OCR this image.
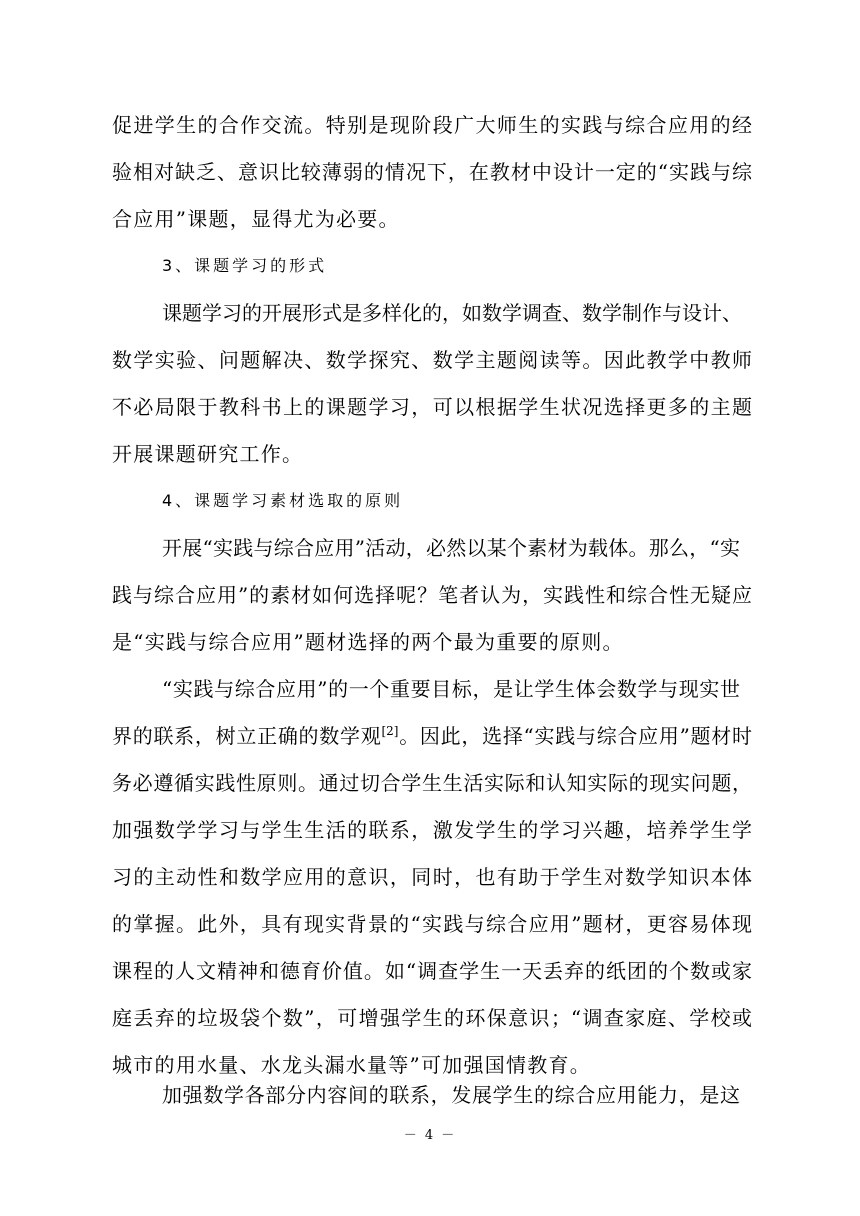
促进学生的合作交流。特别是现阶段广大师生的实践与综合应用的经
验相对缺乏、意识比较薄弱的情况下，在教材中设计一定的“实践与综
合应用”课题，显得尤为必要。
3、课题学习的形式
课题学习的开展形式是多样化的，如数学调查、数学制作与设计、
数学实验、问题解决、数学探究、数学主题阅读等。因此教学中教师
不必局限于教科书上的课题学习，可以根据学生状况选择更多的主题
开展课题研究工作。
4、课题学习素材选取的原则
开展“实践与综合应用”活动，必然以某个素材为载体。那么，“实
践与综合应用”的素材如何选择呢？笔者认为，实践性和综合性无疑应
是“实践与综合应用”题材选择的两个最为重要的原则。
“实践与综合应用”的一个重要目标，是让学生体会数学与现实世
界的联系，树立正确的数学观[2]。因此，选择“实践与综合应用”题材时
务必遵循实践性原则。通过切合学生生活实际和认知实际的现实问题，
加强数学学习与学生生活的联系，激发学生的学习兴趣，培养学生学
习的主动性和数学应用的意识，同时，也有助于学生对数学知识本体
的掌握。此外，具有现实背景的“实践与综合应用”题材，更容易体现
课程的人文精神和德育价值。如“调查学生一天丢弃的纸团的个数或家
庭丢弃的垃圾袋个数”，可增强学生的环保意识；“调查家庭、学校或
城市的用水量、水龙头漏水量等”可加强国情教育。
加强数学各部分内容间的联系，发展学生的综合应用能力，是这
－ 4 －
